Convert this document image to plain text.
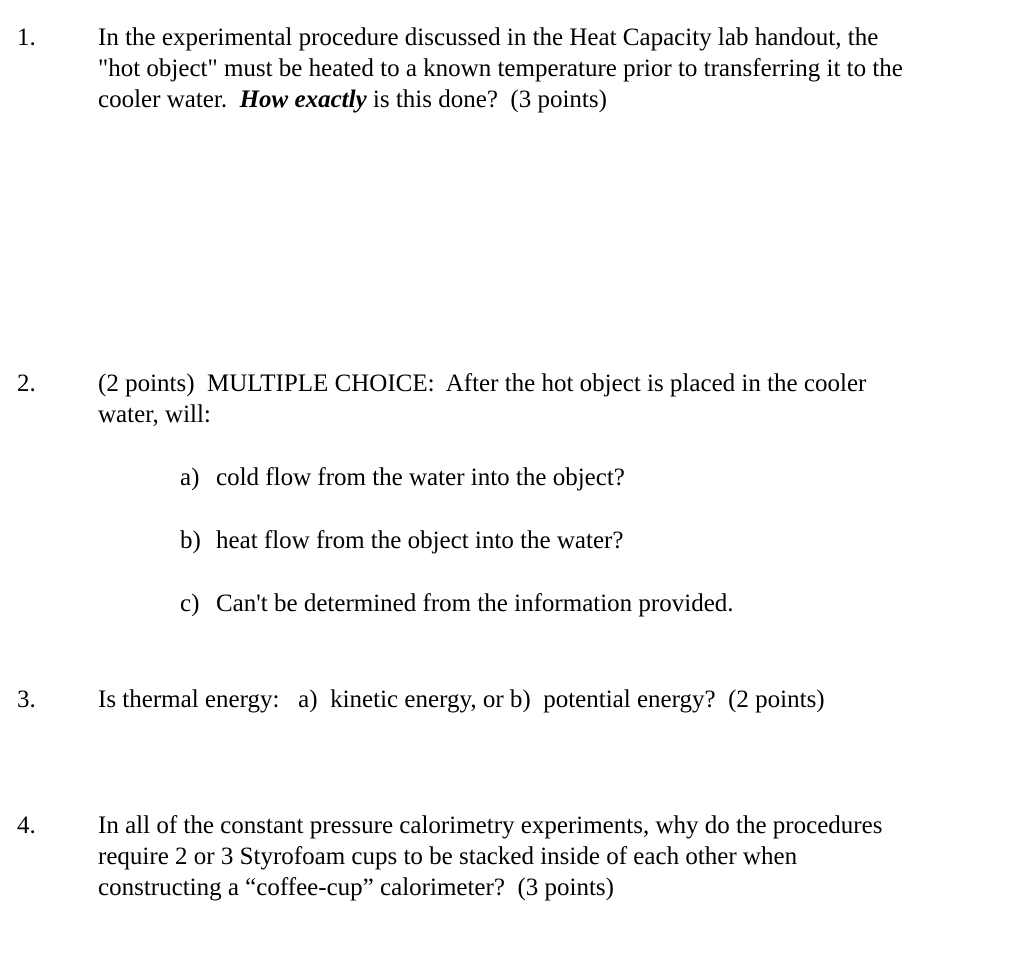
1.	In the experimental procedure discussed in the Heat Capacity lab handout, the
"hot object" must be heated to a known temperature prior to transferring it to the
cooler water.  How exactly is this done?  (3 points)
2.	(2 points)  MULTIPLE CHOICE:  After the hot object is placed in the cooler
water, will:
a) cold flow from the water into the object?
b) heat flow from the object into the water?
c) Can't be determined from the information provided.
3.	Is thermal energy:   a)  kinetic energy, or b)  potential energy?  (2 points)
4.	In all of the constant pressure calorimetry experiments, why do the procedures
require 2 or 3 Styrofoam cups to be stacked inside of each other when
constructing a “coffee-cup” calorimeter?  (3 points)
